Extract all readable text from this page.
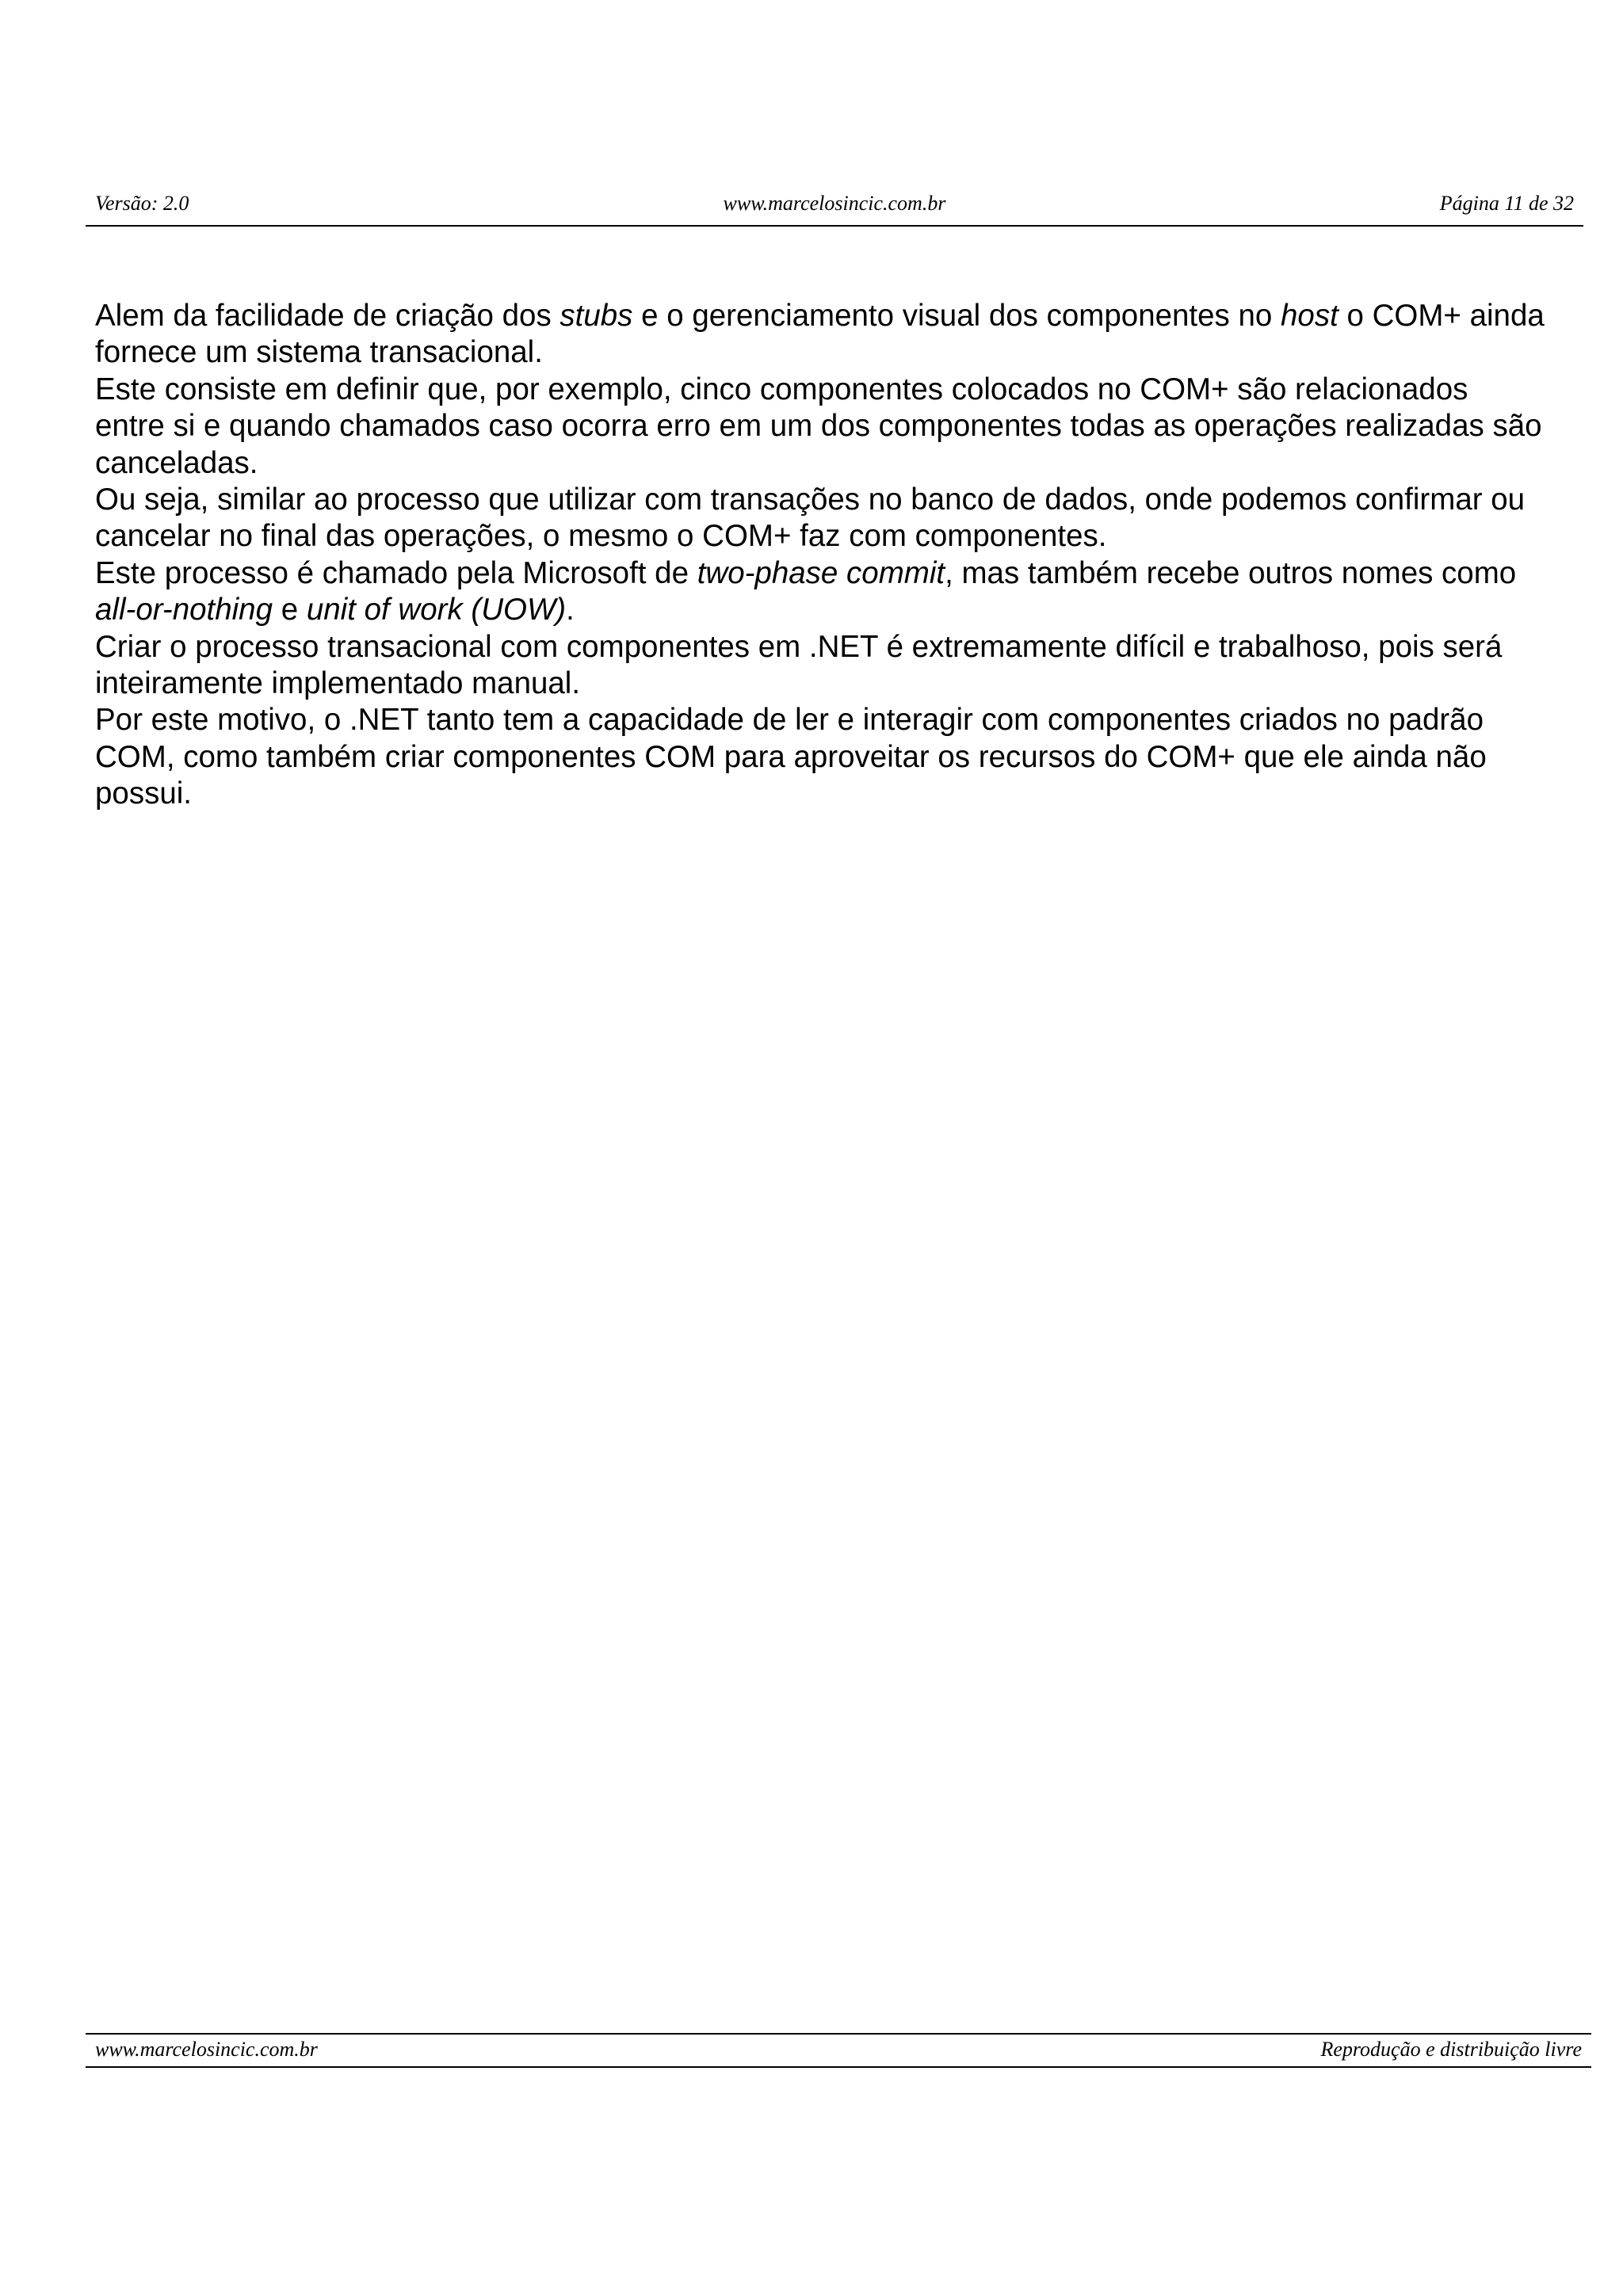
Versão: 2.0	www.marcelosincic.com.br	Página 11 de 32

Alem da facilidade de criação dos stubs e o gerenciamento visual dos componentes no host o COM+ ainda fornece um sistema transacional.

Este consiste em definir que, por exemplo, cinco componentes colocados no COM+ são relacionados entre si e quando chamados caso ocorra erro em um dos componentes todas as operações realizadas são canceladas.

Ou seja, similar ao processo que utilizar com transações no banco de dados, onde podemos confirmar ou cancelar no final das operações, o mesmo o COM+ faz com componentes.

Este processo é chamado pela Microsoft de two-phase commit, mas também recebe outros nomes como all-or-nothing e unit of work (UOW).

Criar o processo transacional com componentes em .NET é extremamente difícil e trabalhoso, pois será inteiramente implementado manual.

Por este motivo, o .NET tanto tem a capacidade de ler e interagir com componentes criados no padrão COM, como também criar componentes COM para aproveitar os recursos do COM+ que ele ainda não possui.

www.marcelosincic.com.br	Reprodução e distribuição livre
